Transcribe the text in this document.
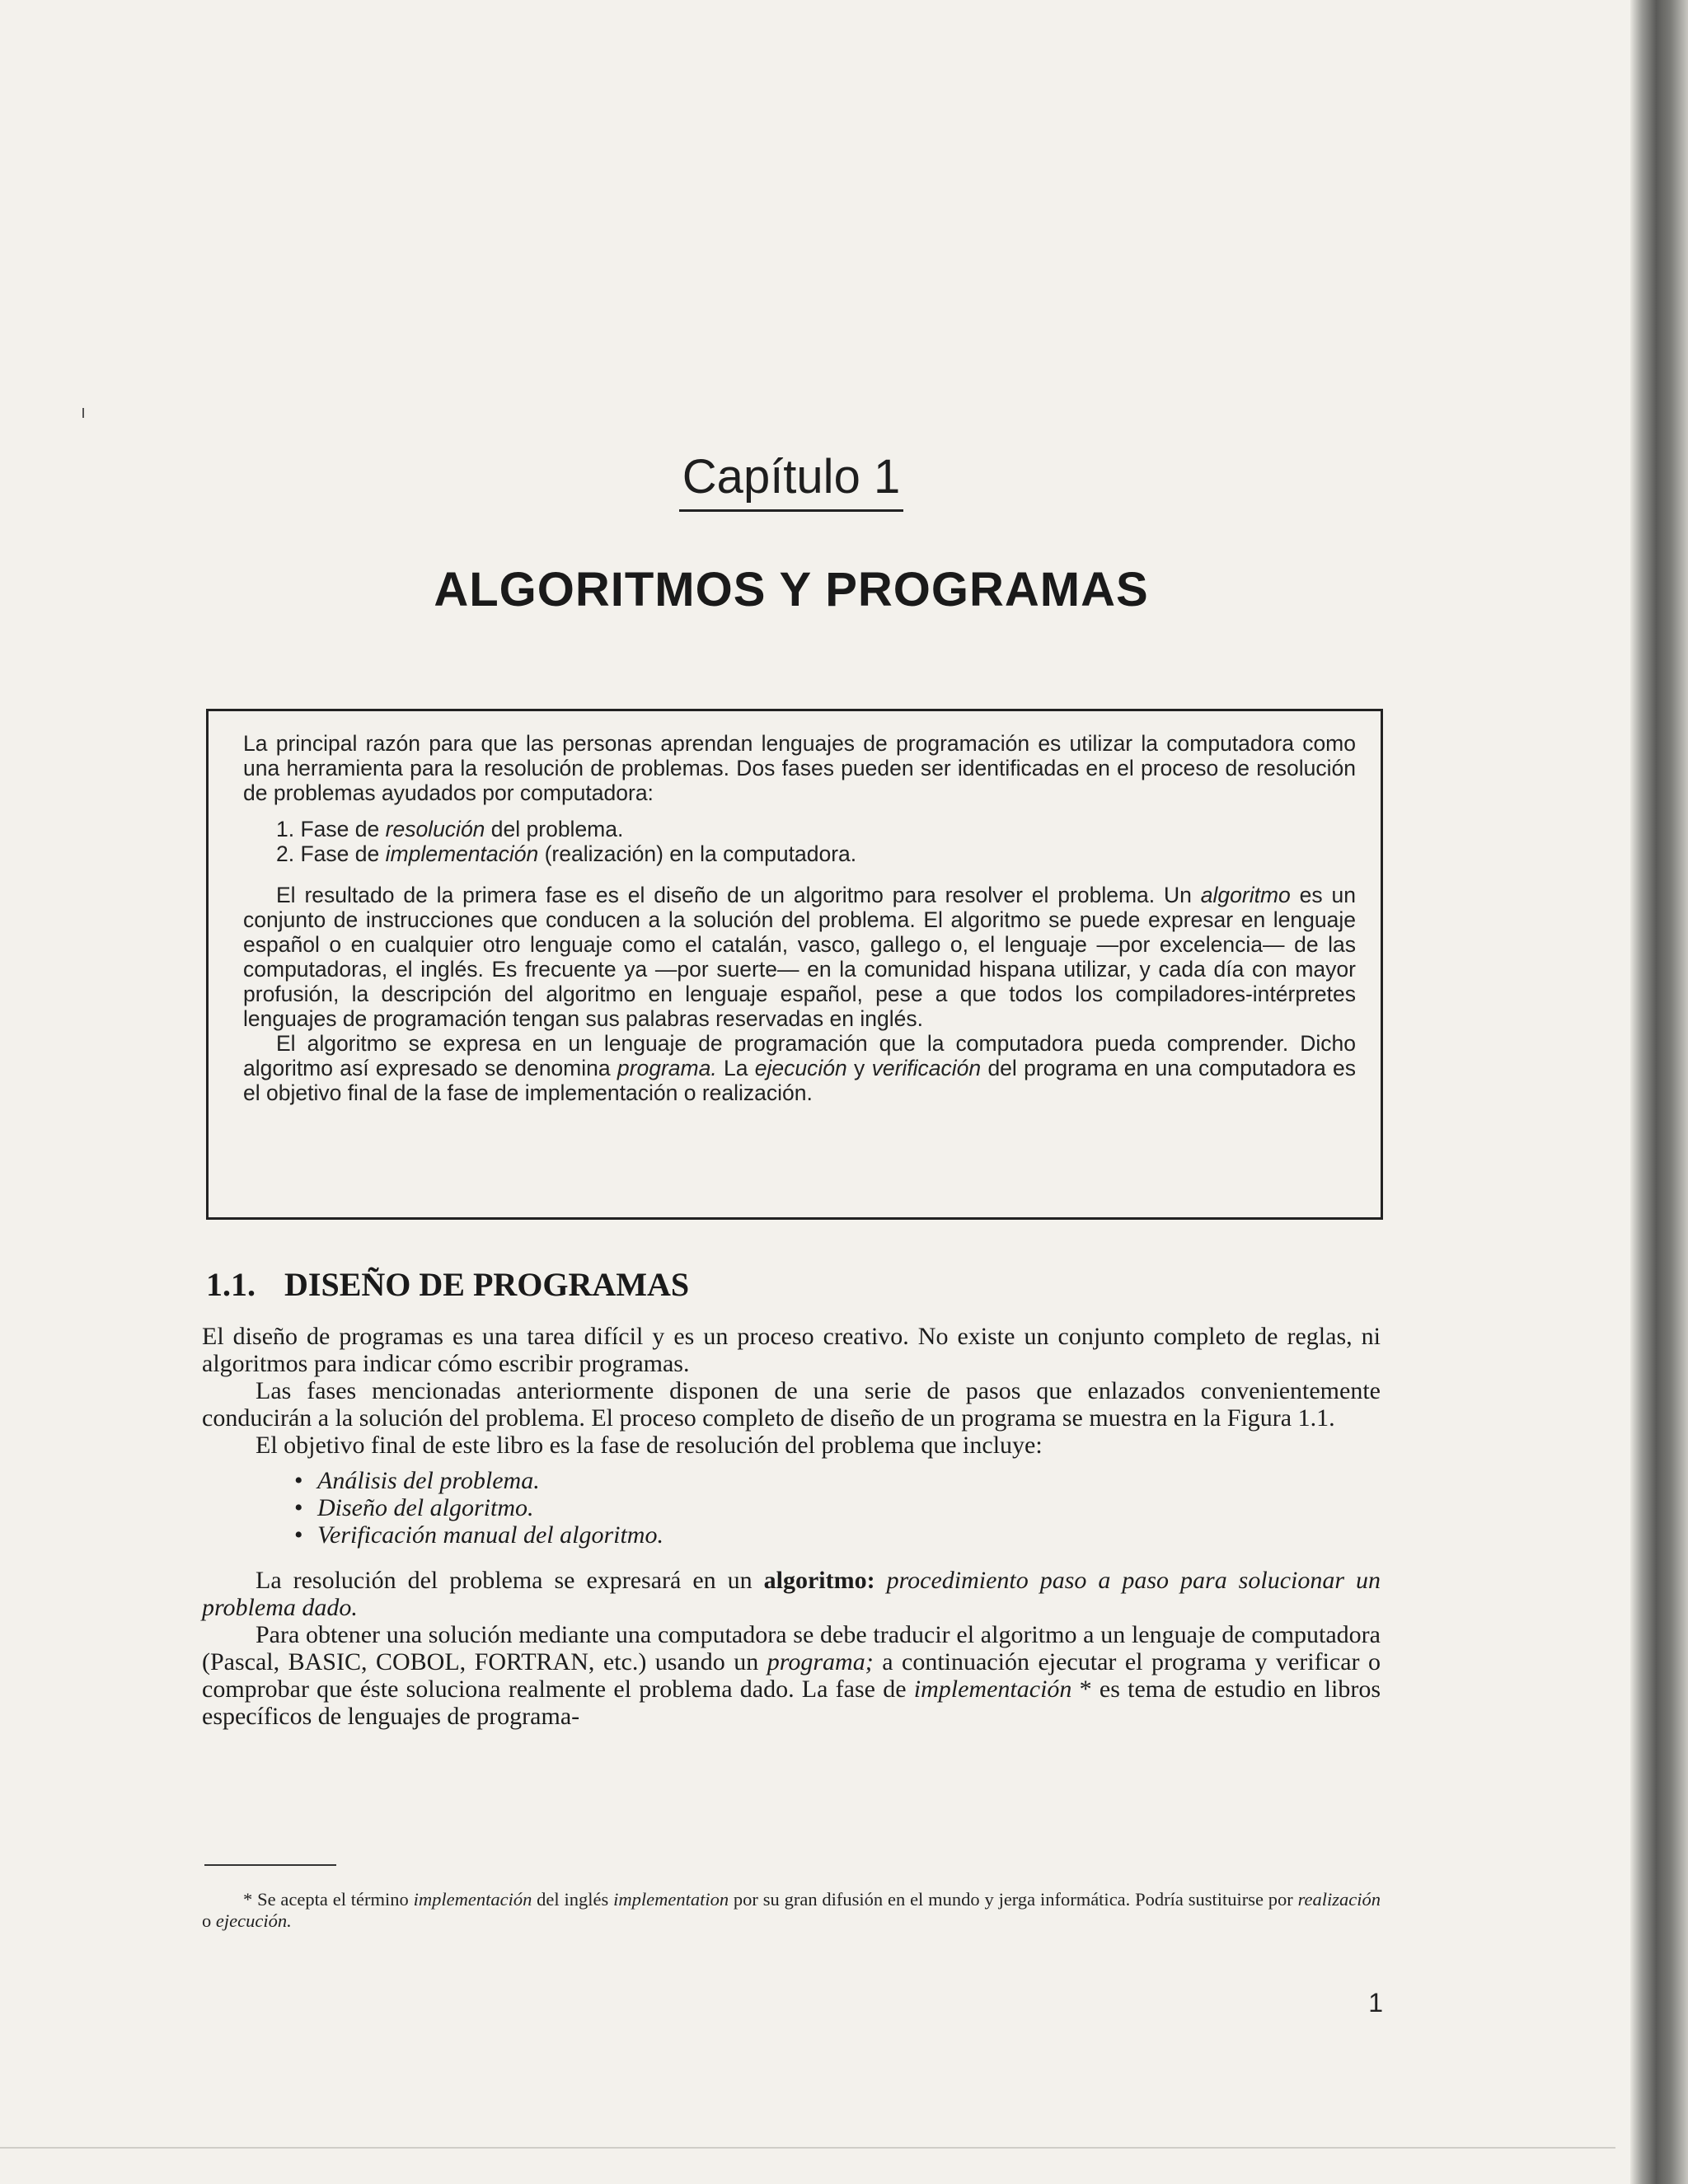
Capítulo 1
ALGORITMOS Y PROGRAMAS

La principal razón para que las personas aprendan lenguajes de programación es utilizar la computadora como una herramienta para la resolución de problemas. Dos fases pueden ser identificadas en el proceso de resolución de problemas ayudados por computadora:

1. Fase de resolución del problema.
2. Fase de implementación (realización) en la computadora.

El resultado de la primera fase es el diseño de un algoritmo para resolver el problema. Un algoritmo es un conjunto de instrucciones que conducen a la solución del problema. El algoritmo se puede expresar en lenguaje español o en cualquier otro lenguaje como el catalán, vasco, gallego o, el lenguaje —por excelencia— de las computadoras, el inglés. Es frecuente ya —por suerte— en la comunidad hispana utilizar, y cada día con mayor profusión, la descripción del algoritmo en lenguaje español, pese a que todos los compiladores-intérpretes lenguajes de programación tengan sus palabras reservadas en inglés.

El algoritmo se expresa en un lenguaje de programación que la computadora pueda comprender. Dicho algoritmo así expresado se denomina programa. La ejecución y verificación del programa en una computadora es el objetivo final de la fase de implementación o realización.

1.1. DISEÑO DE PROGRAMAS

El diseño de programas es una tarea difícil y es un proceso creativo. No existe un conjunto completo de reglas, ni algoritmos para indicar cómo escribir programas.

Las fases mencionadas anteriormente disponen de una serie de pasos que enlazados convenientemente conducirán a la solución del problema. El proceso completo de diseño de un programa se muestra en la Figura 1.1.

El objetivo final de este libro es la fase de resolución del problema que incluye:

• Análisis del problema.
• Diseño del algoritmo.
• Verificación manual del algoritmo.

La resolución del problema se expresará en un algoritmo: procedimiento paso a paso para solucionar un problema dado.

Para obtener una solución mediante una computadora se debe traducir el algoritmo a un lenguaje de computadora (Pascal, BASIC, COBOL, FORTRAN, etc.) usando un programa; a continuación ejecutar el programa y verificar o comprobar que éste soluciona realmente el problema dado. La fase de implementación * es tema de estudio en libros específicos de lenguajes de programa-

* Se acepta el término implementación del inglés implementation por su gran difusión en el mundo y jerga informática. Podría sustituirse por realización o ejecución.

1
